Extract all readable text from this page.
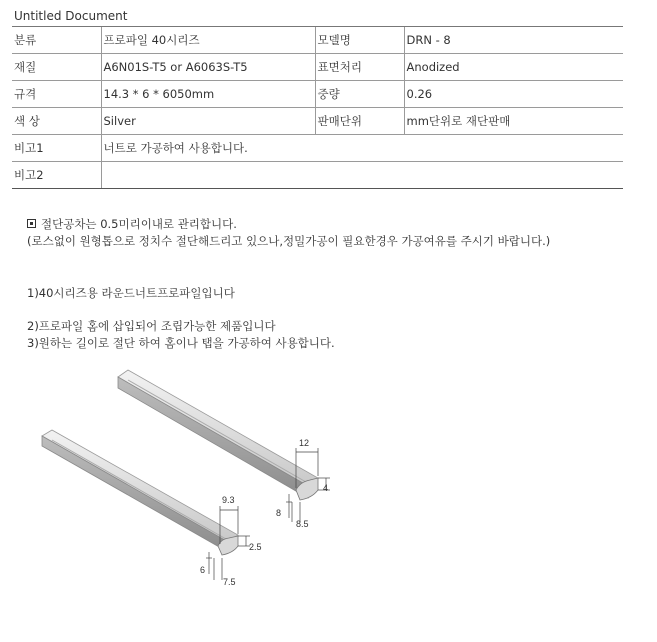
Untitled Document
분류	프로파일 40시리즈	모델명	DRN - 8
재질	A6N01S-T5 or A6063S-T5	표면처리	Anodized
규격	14.3 * 6 * 6050mm	중량	0.26
색 상	Silver	판매단위	mm단위로 재단판매
비고1	너트로 가공하여 사용합니다.		
비고2			
절단공차는 0.5미리이내로 관리합니다.
(로스없이 원형톱으로 정치수 절단해드리고 있으나,정밀가공이 필요한경우 가공여유를 주시기 바랍니다.)
1)40시리즈용 라운드너트프로파일입니다
2)프로파일 홈에 삽입되어 조립가능한 제품입니다
3)원하는 길이로 절단 하여 홈이나 탭을 가공하여 사용합니다.
12
4
8
8.5
9.3
2.5
6
7.5
